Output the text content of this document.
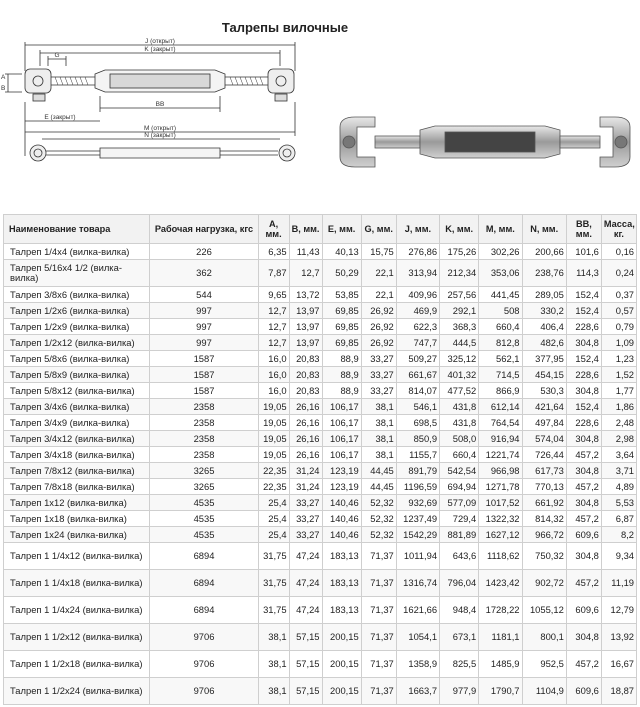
Талрепы вилочные
J (открыт)
K (закрыт)
G
BB
A
B
E (закрыт)
M (открыт)
N (закрыт)
Наименование товара	Рабочая нагрузка, кгс	A, мм.	B, мм.	E, мм.	G, мм.	J, мм.	K, мм.	M, мм.	N, мм.	BB, мм.	Масса, кг.
Талреп 1/4х4 (вилка-вилка)	226	6,35	11,43	40,13	15,75	276,86	175,26	302,26	200,66	101,6	0,16
Талреп 5/16х4 1/2 (вилка-вилка)	362	7,87	12,7	50,29	22,1	313,94	212,34	353,06	238,76	114,3	0,24
Талреп 3/8х6 (вилка-вилка)	544	9,65	13,72	53,85	22,1	409,96	257,56	441,45	289,05	152,4	0,37
Талреп 1/2х6 (вилка-вилка)	997	12,7	13,97	69,85	26,92	469,9	292,1	508	330,2	152,4	0,57
Талреп 1/2х9 (вилка-вилка)	997	12,7	13,97	69,85	26,92	622,3	368,3	660,4	406,4	228,6	0,79
Талреп 1/2х12 (вилка-вилка)	997	12,7	13,97	69,85	26,92	747,7	444,5	812,8	482,6	304,8	1,09
Талреп 5/8х6 (вилка-вилка)	1587	16,0	20,83	88,9	33,27	509,27	325,12	562,1	377,95	152,4	1,23
Талреп 5/8х9 (вилка-вилка)	1587	16,0	20,83	88,9	33,27	661,67	401,32	714,5	454,15	228,6	1,52
Талреп 5/8х12 (вилка-вилка)	1587	16,0	20,83	88,9	33,27	814,07	477,52	866,9	530,3	304,8	1,77
Талреп 3/4х6 (вилка-вилка)	2358	19,05	26,16	106,17	38,1	546,1	431,8	612,14	421,64	152,4	1,86
Талреп 3/4х9 (вилка-вилка)	2358	19,05	26,16	106,17	38,1	698,5	431,8	764,54	497,84	228,6	2,48
Талреп 3/4х12 (вилка-вилка)	2358	19,05	26,16	106,17	38,1	850,9	508,0	916,94	574,04	304,8	2,98
Талреп 3/4х18 (вилка-вилка)	2358	19,05	26,16	106,17	38,1	1155,7	660,4	1221,74	726,44	457,2	3,64
Талреп 7/8х12 (вилка-вилка)	3265	22,35	31,24	123,19	44,45	891,79	542,54	966,98	617,73	304,8	3,71
Талреп 7/8х18 (вилка-вилка)	3265	22,35	31,24	123,19	44,45	1196,59	694,94	1271,78	770,13	457,2	4,89
Талреп 1х12 (вилка-вилка)	4535	25,4	33,27	140,46	52,32	932,69	577,09	1017,52	661,92	304,8	5,53
Талреп 1х18 (вилка-вилка)	4535	25,4	33,27	140,46	52,32	1237,49	729,4	1322,32	814,32	457,2	6,87
Талреп 1х24 (вилка-вилка)	4535	25,4	33,27	140,46	52,32	1542,29	881,89	1627,12	966,72	609,6	8,2
Талреп 1 1/4х12 (вилка-вилка)	6894	31,75	47,24	183,13	71,37	1011,94	643,6	1118,62	750,32	304,8	9,34
Талреп 1 1/4х18 (вилка-вилка)	6894	31,75	47,24	183,13	71,37	1316,74	796,04	1423,42	902,72	457,2	11,19
Талреп 1 1/4х24 (вилка-вилка)	6894	31,75	47,24	183,13	71,37	1621,66	948,4	1728,22	1055,12	609,6	12,79
Талреп 1 1/2х12 (вилка-вилка)	9706	38,1	57,15	200,15	71,37	1054,1	673,1	1181,1	800,1	304,8	13,92
Талреп 1 1/2х18 (вилка-вилка)	9706	38,1	57,15	200,15	71,37	1358,9	825,5	1485,9	952,5	457,2	16,67
Талреп 1 1/2х24 (вилка-вилка)	9706	38,1	57,15	200,15	71,37	1663,7	977,9	1790,7	1104,9	609,6	18,87
